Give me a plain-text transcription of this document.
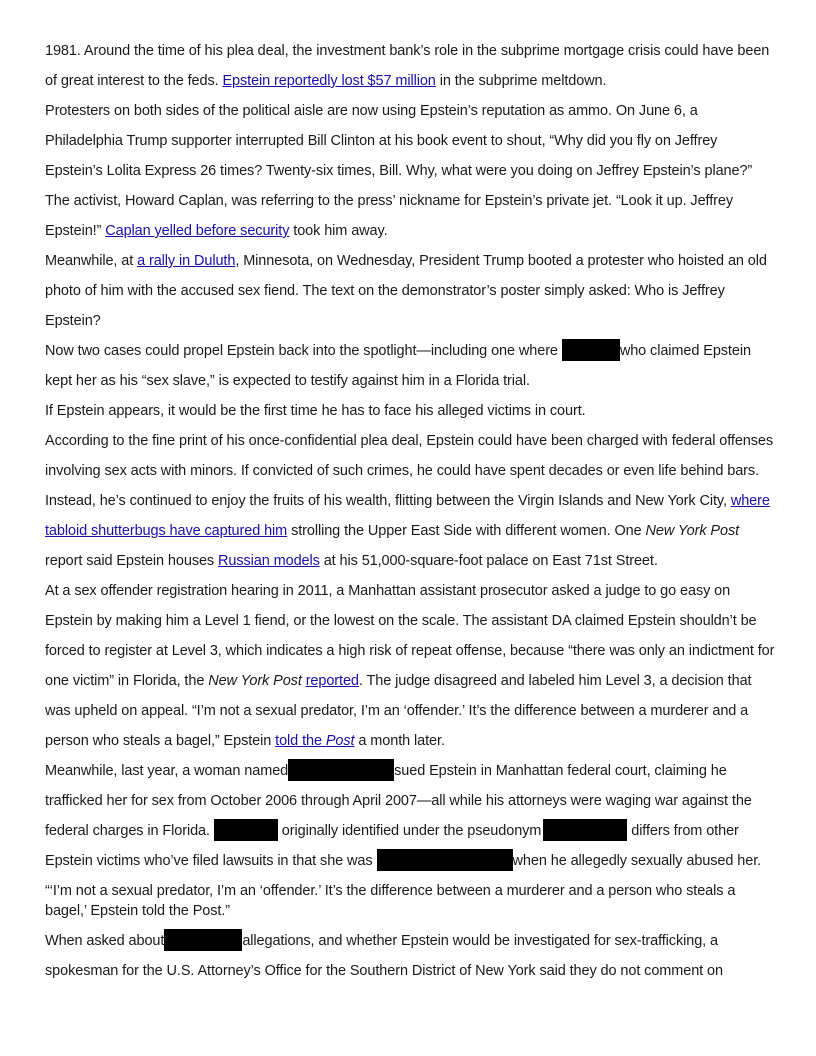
1981. Around the time of his plea deal, the investment bank’s role in the subprime mortgage crisis could have been of great interest to the feds. Epstein reportedly lost $57 million in the subprime meltdown.

Protesters on both sides of the political aisle are now using Epstein’s reputation as ammo. On June 6, a Philadelphia Trump supporter interrupted Bill Clinton at his book event to shout, “Why did you fly on Jeffrey Epstein’s Lolita Express 26 times? Twenty-six times, Bill. Why, what were you doing on Jeffrey Epstein’s plane?” The activist, Howard Caplan, was referring to the press’ nickname for Epstein’s private jet. “Look it up. Jeffrey Epstein!” Caplan yelled before security took him away.

Meanwhile, at a rally in Duluth, Minnesota, on Wednesday, President Trump booted a protester who hoisted an old photo of him with the accused sex fiend. The text on the demonstrator’s poster simply asked: Who is Jeffrey Epstein?

Now two cases could propel Epstein back into the spotlight—including one where	who claimed Epstein kept her as his “sex slave,” is expected to testify against him in a Florida trial.

If Epstein appears, it would be the first time he has to face his alleged victims in court.

According to the fine print of his once-confidential plea deal, Epstein could have been charged with federal offenses involving sex acts with minors. If convicted of such crimes, he could have spent decades or even life behind bars.

Instead, he’s continued to enjoy the fruits of his wealth, flitting between the Virgin Islands and New York City, where tabloid shutterbugs have captured him strolling the Upper East Side with different women. One New York Post report said Epstein houses Russian models at his 51,000-square-foot palace on East 71st Street.

At a sex offender registration hearing in 2011, a Manhattan assistant prosecutor asked a judge to go easy on Epstein by making him a Level 1 fiend, or the lowest on the scale. The assistant DA claimed Epstein shouldn’t be forced to register at Level 3, which indicates a high risk of repeat offense, because “there was only an indictment for one victim” in Florida, the New York Post reported. The judge disagreed and labeled him Level 3, a decision that was upheld on appeal. “I’m not a sexual predator, I’m an ‘offender.’ It’s the difference between a murderer and a person who steals a bagel,” Epstein told the Post a month later.

Meanwhile, last year, a woman named	sued Epstein in Manhattan federal court, claiming he trafficked her for sex from October 2006 through April 2007—all while his attorneys were waging war against the federal charges in Florida.	originally identified under the pseudonym	differs from other Epstein victims who’ve filed lawsuits in that she was	when he allegedly sexually abused her.

“‘I’m not a sexual predator, I’m an ‘offender.’ It’s the difference between a murderer and a person who steals a bagel,’ Epstein told the Post.”

When asked about	allegations, and whether Epstein would be investigated for sex-trafficking, a spokesman for the U.S. Attorney’s Office for the Southern District of New York said they do not comment on
